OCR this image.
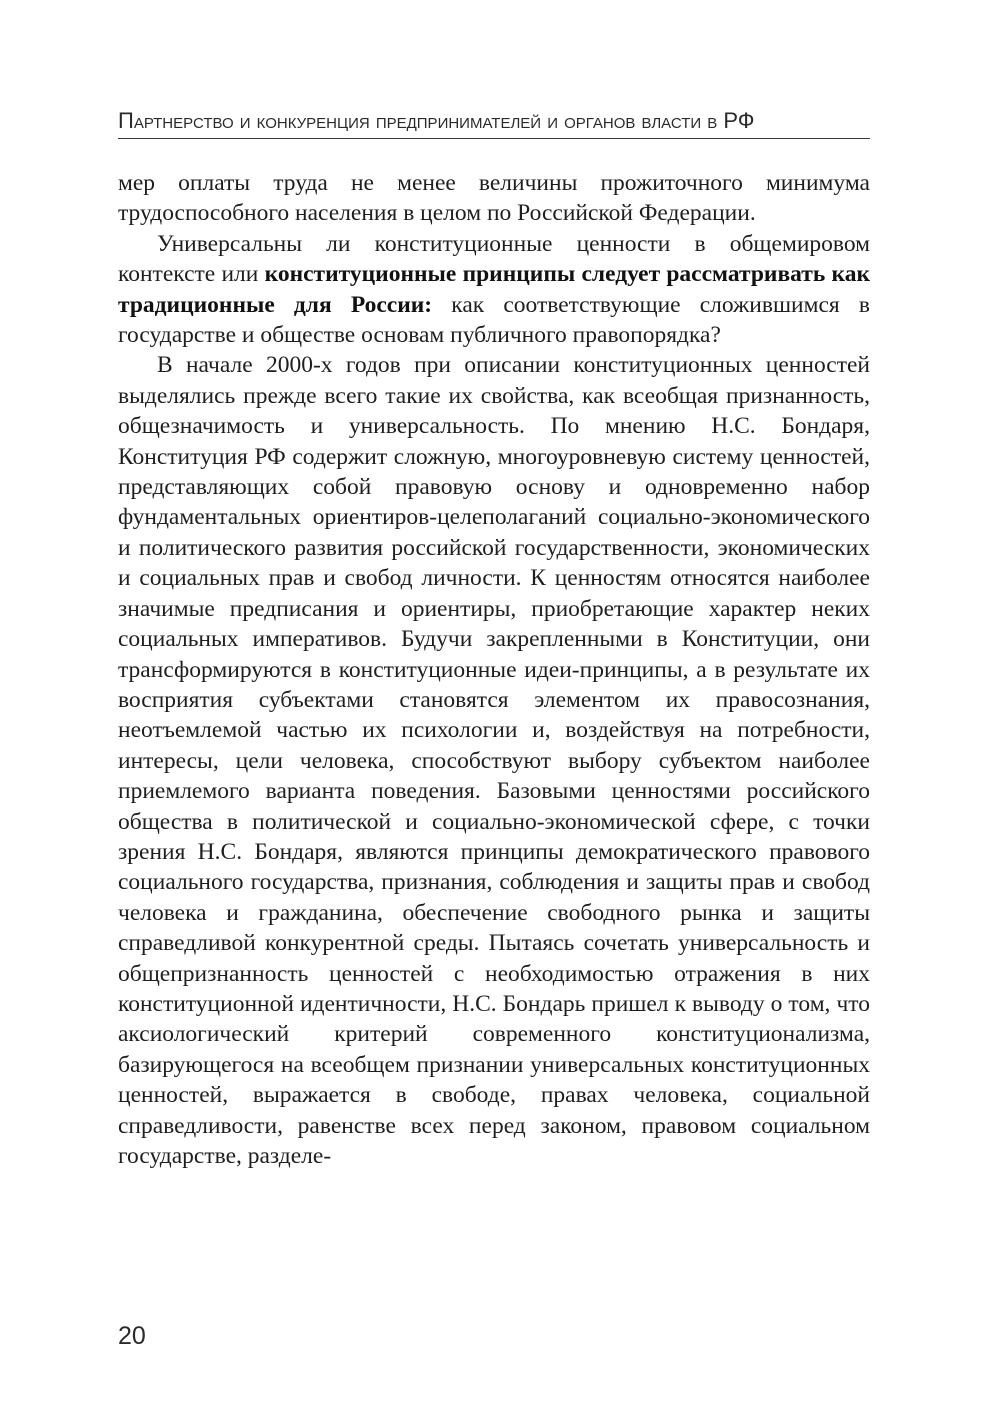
Партнерство и конкуренция предпринимателей и органов власти в РФ

мер оплаты труда не менее величины прожиточного минимума трудоспособного населения в целом по Российской Федерации.

Универсальны ли конституционные ценности в общемировом контексте или конституционные принципы следует рассматривать как традиционные для России: как соответствующие сложившимся в государстве и обществе основам публичного правопорядка?

В начале 2000-х годов при описании конституционных ценностей выделялись прежде всего такие их свойства, как всеобщая признанность, общезначимость и универсальность. По мнению Н.С. Бондаря, Конституция РФ содержит сложную, многоуровневую систему ценностей, представляющих собой правовую основу и одновременно набор фундаментальных ориентиров-целеполаганий социально-экономического и политического развития российской государственности, экономических и социальных прав и свобод личности. К ценностям относятся наиболее значимые предписания и ориентиры, приобретающие характер неких социальных императивов. Будучи закрепленными в Конституции, они трансформируются в конституционные идеи-принципы, а в результате их восприятия субъектами становятся элементом их правосознания, неотъемлемой частью их психологии и, воздействуя на потребности, интересы, цели человека, способствуют выбору субъектом наиболее приемлемого варианта поведения. Базовыми ценностями российского общества в политической и социально-экономической сфере, с точки зрения Н.С. Бондаря, являются принципы демократического правового социального государства, признания, соблюдения и защиты прав и свобод человека и гражданина, обеспечение свободного рынка и защиты справедливой конкурентной среды. Пытаясь сочетать универсальность и общепризнанность ценностей с необходимостью отражения в них конституционной идентичности, Н.С. Бондарь пришел к выводу о том, что аксиологический критерий современного конституционализма, базирующегося на всеобщем признании универсальных конституционных ценностей, выражается в свободе, правах человека, социальной справедливости, равенстве всех перед законом, правовом социальном государстве, разделе-

20
